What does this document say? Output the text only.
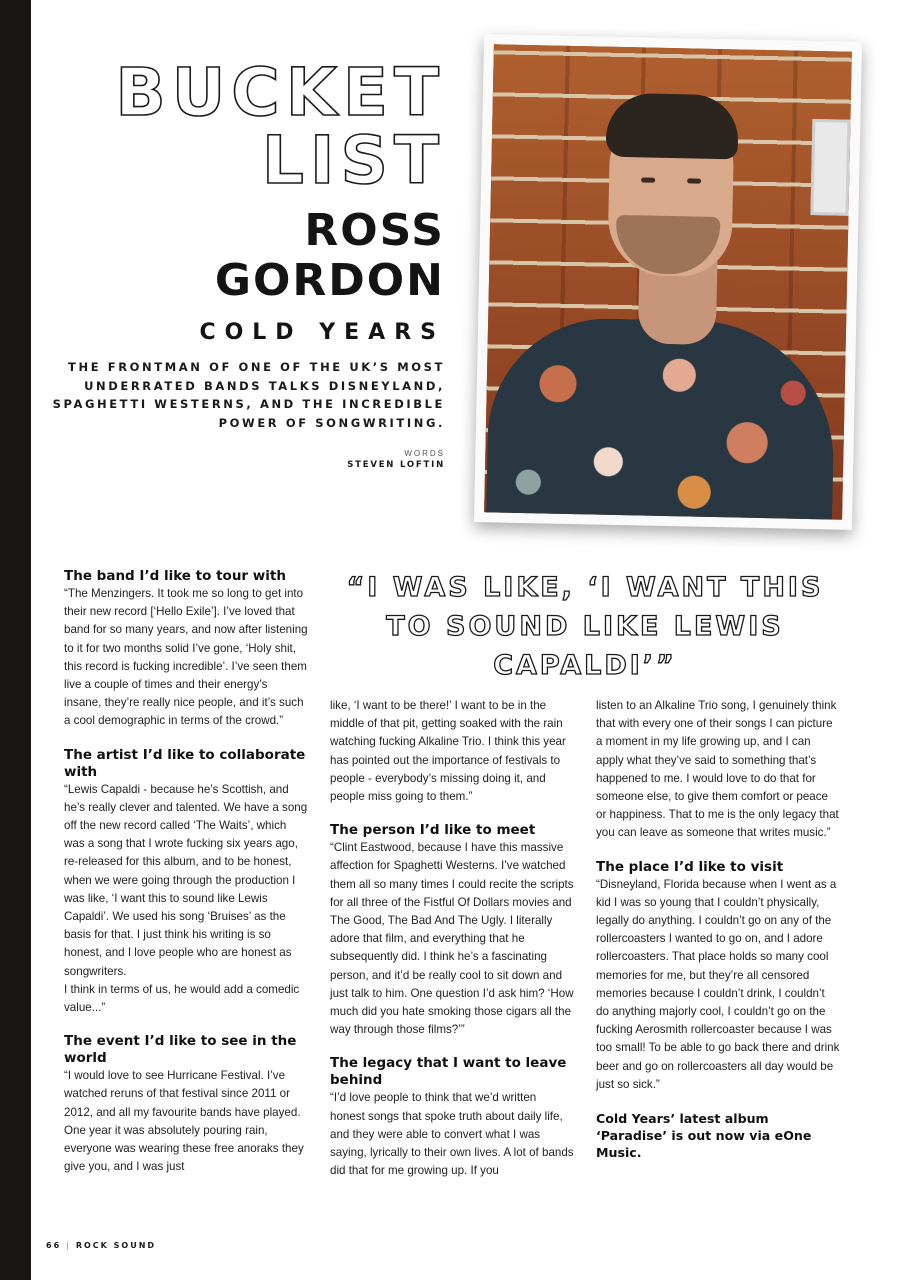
BUCKET
LIST
ROSS
GORDON
COLD YEARS
THE FRONTMAN OF ONE OF THE UK’S MOST UNDERRATED BANDS TALKS DISNEYLAND, SPAGHETTI WESTERNS, AND THE INCREDIBLE POWER OF SONGWRITING.
WORDS
STEVEN LOFTIN
“I WAS LIKE, ‘I WANT THIS TO SOUND LIKE LEWIS CAPALDI’”
The band I’d like to tour with

“The Menzingers. It took me so long to get into their new record [‘Hello Exile’]. I’ve loved that band for so many years, and now after listening to it for two months solid I’ve gone, ‘Holy shit, this record is fucking incredible’. I’ve seen them live a couple of times and their energy’s insane, they’re really nice people, and it’s such a cool demographic in terms of the crowd.”

The artist I’d like to collaborate with

“Lewis Capaldi - because he’s Scottish, and he’s really clever and talented. We have a song off the new record called ‘The Waits’, which was a song that I wrote fucking six years ago, re-released for this album, and to be honest, when we were going through the production I was like, ‘I want this to sound like Lewis Capaldi’. We used his song ‘Bruises’ as the basis for that. I just think his writing is so honest, and I love people who are honest as songwriters.

I think in terms of us, he would add a comedic value...”

The event I’d like to see in the world

“I would love to see Hurricane Festival. I’ve watched reruns of that festival since 2011 or 2012, and all my favourite bands have played. One year it was absolutely pouring rain, everyone was wearing these free anoraks they give you, and I was just

like, ‘I want to be there!’ I want to be in the middle of that pit, getting soaked with the rain watching fucking Alkaline Trio. I think this year has pointed out the importance of festivals to people - everybody’s missing doing it, and people miss going to them.”

The person I’d like to meet

“Clint Eastwood, because I have this massive affection for Spaghetti Westerns. I’ve watched them all so many times I could recite the scripts for all three of the Fistful Of Dollars movies and The Good, The Bad And The Ugly. I literally adore that film, and everything that he subsequently did. I think he’s a fascinating person, and it’d be really cool to sit down and just talk to him. One question I’d ask him? ‘How much did you hate smoking those cigars all the way through those films?’”

The legacy that I want to leave behind

“I’d love people to think that we’d written honest songs that spoke truth about daily life, and they were able to convert what I was saying, lyrically to their own lives. A lot of bands did that for me growing up. If you

listen to an Alkaline Trio song, I genuinely think that with every one of their songs I can picture a moment in my life growing up, and I can apply what they’ve said to something that’s happened to me. I would love to do that for someone else, to give them comfort or peace or happiness. That to me is the only legacy that you can leave as someone that writes music.”

The place I’d like to visit

“Disneyland, Florida because when I went as a kid I was so young that I couldn’t physically, legally do anything. I couldn’t go on any of the rollercoasters I wanted to go on, and I adore rollercoasters. That place holds so many cool memories for me, but they’re all censored memories because I couldn’t drink, I couldn’t do anything majorly cool, I couldn’t go on the fucking Aerosmith rollercoaster because I was too small! To be able to go back there and drink beer and go on rollercoasters all day would be just so sick.”

Cold Years’ latest album ‘Paradise’ is out now via eOne Music.

66 | ROCK SOUND
